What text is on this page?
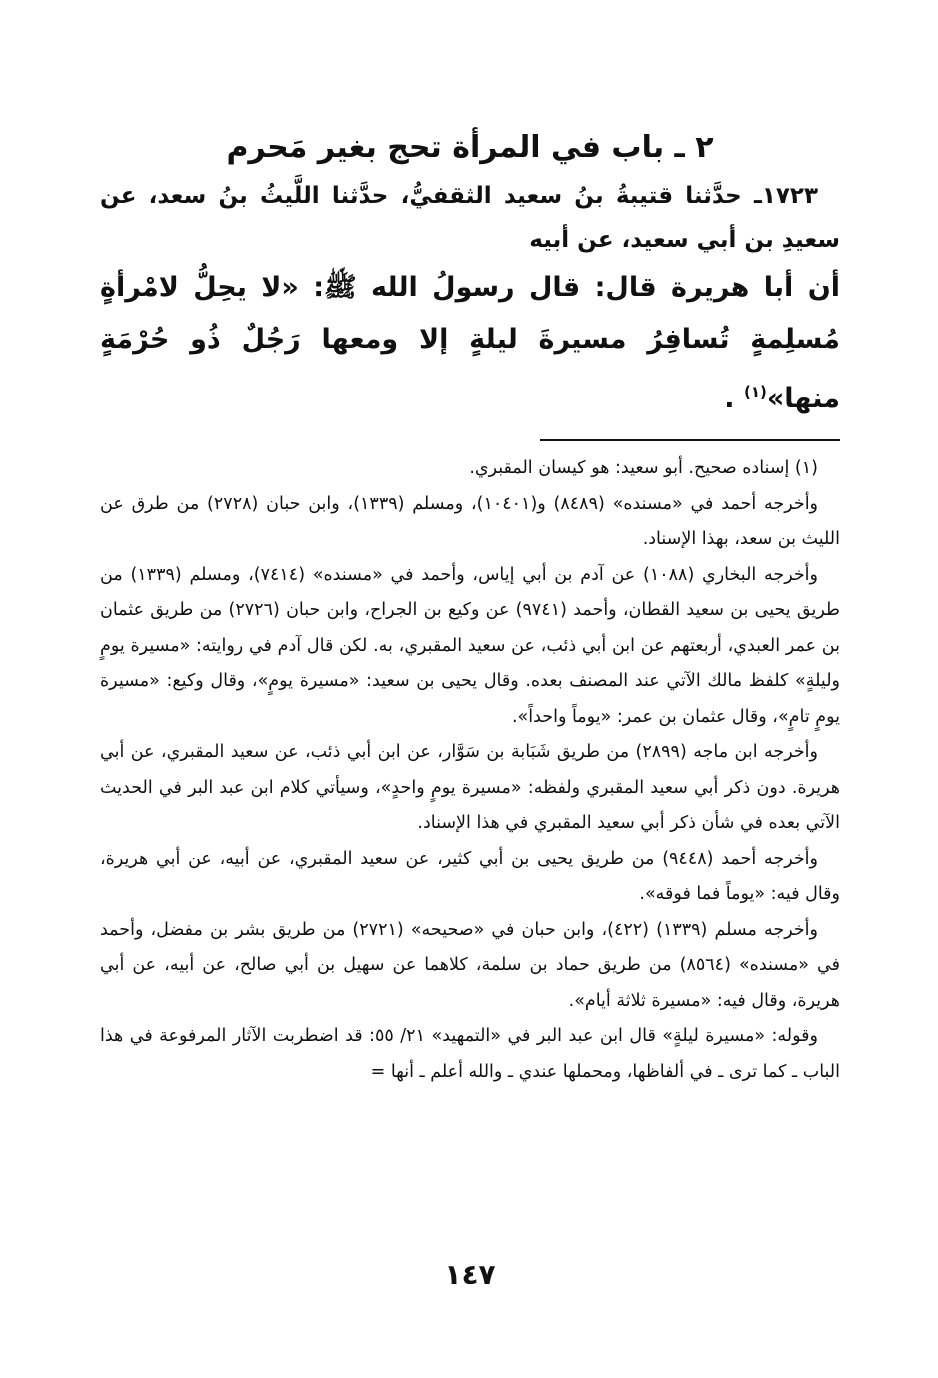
٢ ـ باب في المرأة تحج بغير مَحرم

١٧٢٣ـ حدَّثنا قتيبةُ بنُ سعيد الثقفيُّ، حدَّثنا اللَّيثُ بنُ سعد، عن سعيدِ بن أبي سعيد، عن أبيه

أن أبا هريرة قال: قال رسولُ الله ﷺ: «لا يحِلُّ لامْرأةٍ مُسلِمةٍ تُسافِرُ مسيرةَ ليلةٍ إلا ومعها رَجُلٌ ذُو حُرْمَةٍ منها»$^{(١)}$ .

(١) إسناده صحيح. أبو سعيد: هو كيسان المقبري.

وأخرجه أحمد في «مسنده» (٨٤٨٩) و(١٠٤٠١)، ومسلم (١٣٣٩)، وابن حبان (٢٧٢٨) من طرق عن الليث بن سعد، بهذا الإسناد.

وأخرجه البخاري (١٠٨٨) عن آدم بن أبي إياس، وأحمد في «مسنده» (٧٤١٤)، ومسلم (١٣٣٩) من طريق يحيى بن سعيد القطان، وأحمد (٩٧٤١) عن وكيع بن الجراح، وابن حبان (٢٧٢٦) من طريق عثمان بن عمر العبدي، أربعتهم عن ابن أبي ذئب، عن سعيد المقبري، به. لكن قال آدم في روايته: «مسيرة يومٍ وليلةٍ» كلفظ مالك الآتي عند المصنف بعده. وقال يحيى بن سعيد: «مسيرة يومٍ»، وقال وكيع: «مسيرة يومٍ تامٍ»، وقال عثمان بن عمر: «يوماً واحداً».

وأخرجه ابن ماجه (٢٨٩٩) من طريق شَبَابة بن سَوَّار، عن ابن أبي ذئب، عن سعيد المقبري، عن أبي هريرة. دون ذكر أبي سعيد المقبري ولفظه: «مسيرة يومٍ واحدٍ»، وسيأتي كلام ابن عبد البر في الحديث الآتي بعده في شأن ذكر أبي سعيد المقبري في هذا الإسناد.

وأخرجه أحمد (٩٤٤٨) من طريق يحيى بن أبي كثير، عن سعيد المقبري، عن أبيه، عن أبي هريرة، وقال فيه: «يوماً فما فوقه».

وأخرجه مسلم (١٣٣٩) (٤٢٢)، وابن حبان في «صحيحه» (٢٧٢١) من طريق بشر بن مفضل، وأحمد في «مسنده» (٨٥٦٤) من طريق حماد بن سلمة، كلاهما عن سهيل بن أبي صالح، عن أبيه، عن أبي هريرة، وقال فيه: «مسيرة ثلاثة أيام».

وقوله: «مسيرة ليلةٍ» قال ابن عبد البر في «التمهيد» ٢١/ ٥٥: قد اضطربت الآثار المرفوعة في هذا الباب ـ كما ترى ـ في ألفاظها، ومحملها عندي ـ والله أعلم ـ أنها =

١٤٧
